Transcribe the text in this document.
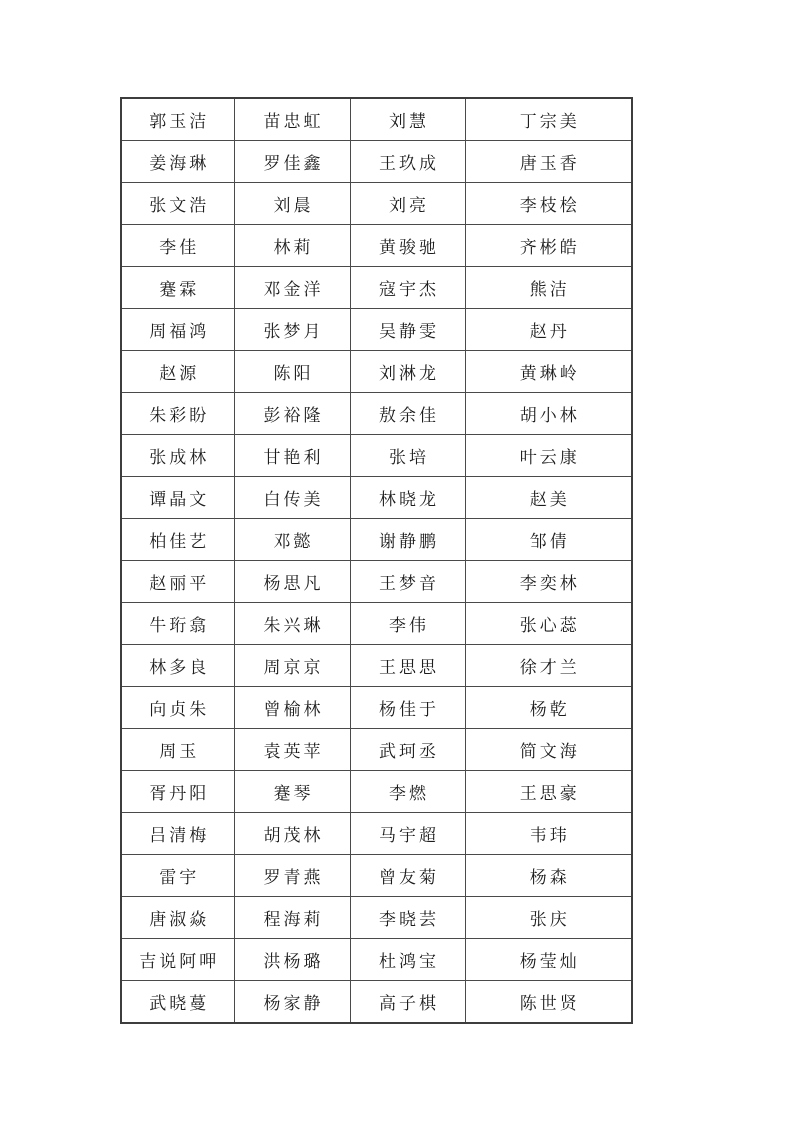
郭玉洁	苗忠虹	刘慧	丁宗美
姜海琳	罗佳鑫	王玖成	唐玉香
张文浩	刘晨	刘亮	李枝桧
李佳	林莉	黄骏驰	齐彬皓
蹇霖	邓金洋	寇宇杰	熊洁
周福鸿	张梦月	吴静雯	赵丹
赵源	陈阳	刘淋龙	黄琳岭
朱彩盼	彭裕隆	敖余佳	胡小林
张成林	甘艳利	张培	叶云康
谭晶文	白传美	林晓龙	赵美
柏佳艺	邓懿	谢静鹏	邹倩
赵丽平	杨思凡	王梦音	李奕林
牛珩翕	朱兴琳	李伟	张心蕊
林多良	周京京	王思思	徐才兰
向贞朱	曾榆林	杨佳于	杨乾
周玉	袁英苹	武珂丞	简文海
胥丹阳	蹇琴	李燃	王思豪
吕清梅	胡茂林	马宇超	韦玮
雷宇	罗青燕	曾友菊	杨森
唐淑焱	程海莉	李晓芸	张庆
吉说阿呷	洪杨璐	杜鸿宝	杨莹灿
武晓蔓	杨家静	高子棋	陈世贤
